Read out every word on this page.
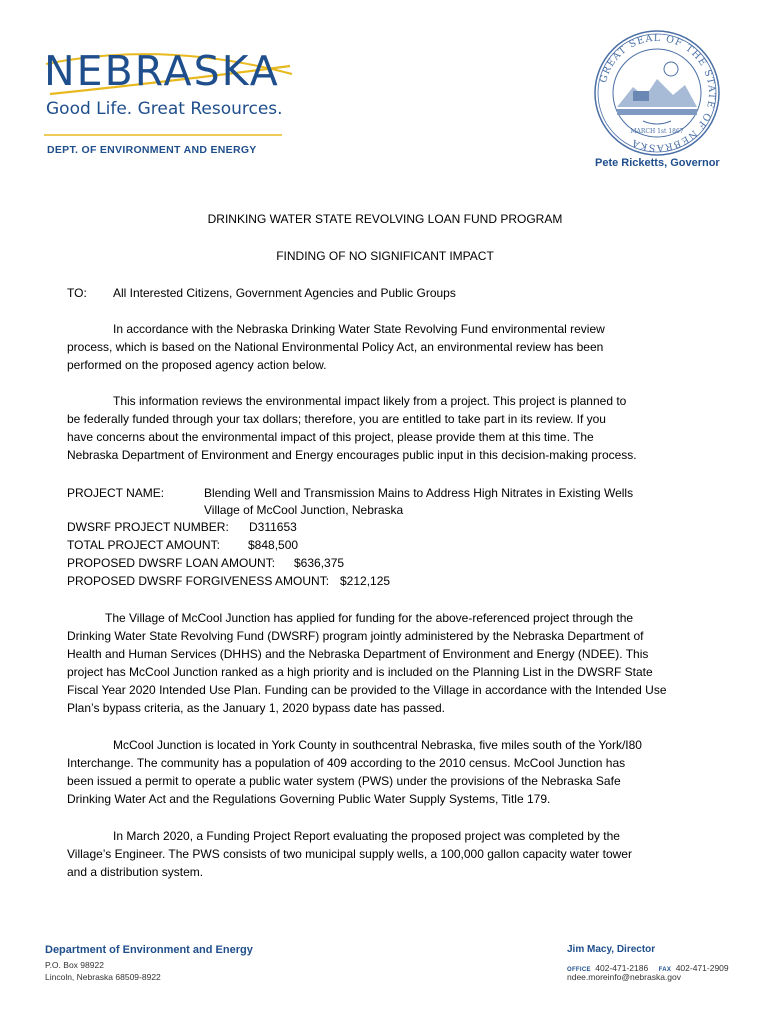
NEBRASKA
Good Life. Great Resources.
DEPT. OF ENVIRONMENT AND ENERGY
GREAT SEAL OF THE STATE OF NEBRASKA
MARCH 1st 1867
Pete Ricketts, Governor
DRINKING WATER STATE REVOLVING LOAN FUND PROGRAM
FINDING OF NO SIGNIFICANT IMPACT
TO: All Interested Citizens, Government Agencies and Public Groups
In accordance with the Nebraska Drinking Water State Revolving Fund environmental review
process, which is based on the National Environmental Policy Act, an environmental review has been
performed on the proposed agency action below.
This information reviews the environmental impact likely from a project. This project is planned to
be federally funded through your tax dollars; therefore, you are entitled to take part in its review. If you
have concerns about the environmental impact of this project, please provide them at this time. The
Nebraska Department of Environment and Energy encourages public input in this decision-making process.
PROJECT NAME:	Blending Well and Transmission Mains to Address High Nitrates in Existing Wells
Village of McCool Junction, Nebraska
DWSRF PROJECT NUMBER: D311653
TOTAL PROJECT AMOUNT: $848,500
PROPOSED DWSRF LOAN AMOUNT: $636,375
PROPOSED DWSRF FORGIVENESS AMOUNT: $212,125
The Village of McCool Junction has applied for funding for the above-referenced project through the
Drinking Water State Revolving Fund (DWSRF) program jointly administered by the Nebraska Department of
Health and Human Services (DHHS) and the Nebraska Department of Environment and Energy (NDEE). This
project has McCool Junction ranked as a high priority and is included on the Planning List in the DWSRF State
Fiscal Year 2020 Intended Use Plan. Funding can be provided to the Village in accordance with the Intended Use
Plan’s bypass criteria, as the January 1, 2020 bypass date has passed.
McCool Junction is located in York County in southcentral Nebraska, five miles south of the York/I80
Interchange. The community has a population of 409 according to the 2010 census. McCool Junction has
been issued a permit to operate a public water system (PWS) under the provisions of the Nebraska Safe
Drinking Water Act and the Regulations Governing Public Water Supply Systems, Title 179.
In March 2020, a Funding Project Report evaluating the proposed project was completed by the
Village’s Engineer. The PWS consists of two municipal supply wells, a 100,000 gallon capacity water tower
and a distribution system.
Department of Environment and Energy
P.O. Box 98922
Lincoln, Nebraska 68509-8922
Jim Macy, Director
OFFICE 402-471-2186 FAX 402-471-2909
ndee.moreinfo@nebraska.gov
